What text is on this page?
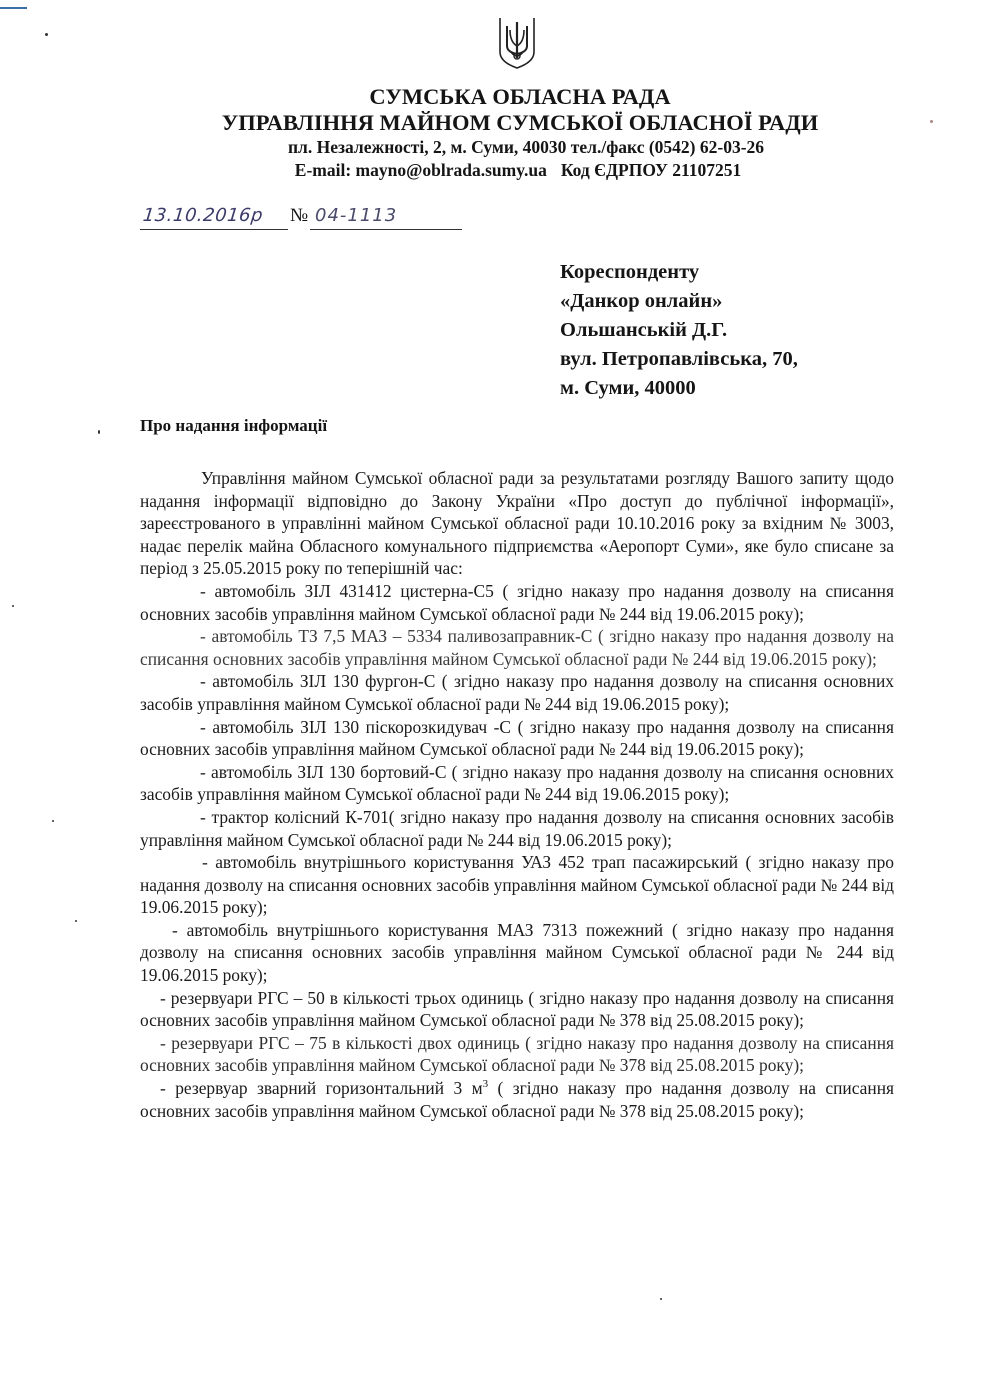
СУМСЬКА ОБЛАСНА РАДА
УПРАВЛІННЯ МАЙНОМ СУМСЬКОЇ ОБЛАСНОЇ РАДИ
пл. Незалежності, 2, м. Суми, 40030 тел./факс (0542) 62-03-26
E-mail: mayno@oblrada.sumy.ua Код ЄДРПОУ 21107251
13.10.2016р № 04-1113
Кореспонденту
«Данкор онлайн»
Ольшанській Д.Г.
вул. Петропавлівська, 70,
м. Суми, 40000
Про надання інформації

Управління майном Сумської обласної ради за результатами розгляду Вашого запиту щодо надання інформації відповідно до Закону України «Про доступ до публічної інформації», зареєстрованого в управлінні майном Сумської обласної ради 10.10.2016 року за вхідним № 3003, надає перелік майна Обласного комунального підприємства «Аеропорт Суми», яке було списане за період з 25.05.2015 року по теперішній час:

- автомобіль ЗІЛ 431412 цистерна-С5 ( згідно наказу про надання дозволу на списання основних засобів управління майном Сумської обласної ради № 244 від 19.06.2015 року);

- автомобіль ТЗ 7,5 МАЗ – 5334 паливозаправник-С ( згідно наказу про надання дозволу на списання основних засобів управління майном Сумської обласної ради № 244 від 19.06.2015 року);

- автомобіль ЗІЛ 130 фургон-С ( згідно наказу про надання дозволу на списання основних засобів управління майном Сумської обласної ради № 244 від 19.06.2015 року);

- автомобіль ЗІЛ 130 піскорозкидувач -С ( згідно наказу про надання дозволу на списання основних засобів управління майном Сумської обласної ради № 244 від 19.06.2015 року);

- автомобіль ЗІЛ 130 бортовий-С ( згідно наказу про надання дозволу на списання основних засобів управління майном Сумської обласної ради № 244 від 19.06.2015 року);

- трактор колісний К-701( згідно наказу про надання дозволу на списання основних засобів управління майном Сумської обласної ради № 244 від 19.06.2015 року);

- автомобіль внутрішнього користування УАЗ 452 трап пасажирський ( згідно наказу про надання дозволу на списання основних засобів управління майном Сумської обласної ради № 244 від 19.06.2015 року);

- автомобіль внутрішнього користування МАЗ 7313 пожежний ( згідно наказу про надання дозволу на списання основних засобів управління майном Сумської обласної ради № 244 від 19.06.2015 року);

- резервуари РГС – 50 в кількості трьох одиниць ( згідно наказу про надання дозволу на списання основних засобів управління майном Сумської обласної ради № 378 від 25.08.2015 року);

- резервуари РГС – 75 в кількості двох одиниць ( згідно наказу про надання дозволу на списання основних засобів управління майном Сумської обласної ради № 378 від 25.08.2015 року);

- резервуар зварний горизонтальний 3 $м^3$ ( згідно наказу про надання дозволу на списання основних засобів управління майном Сумської обласної ради № 378 від 25.08.2015 року);
